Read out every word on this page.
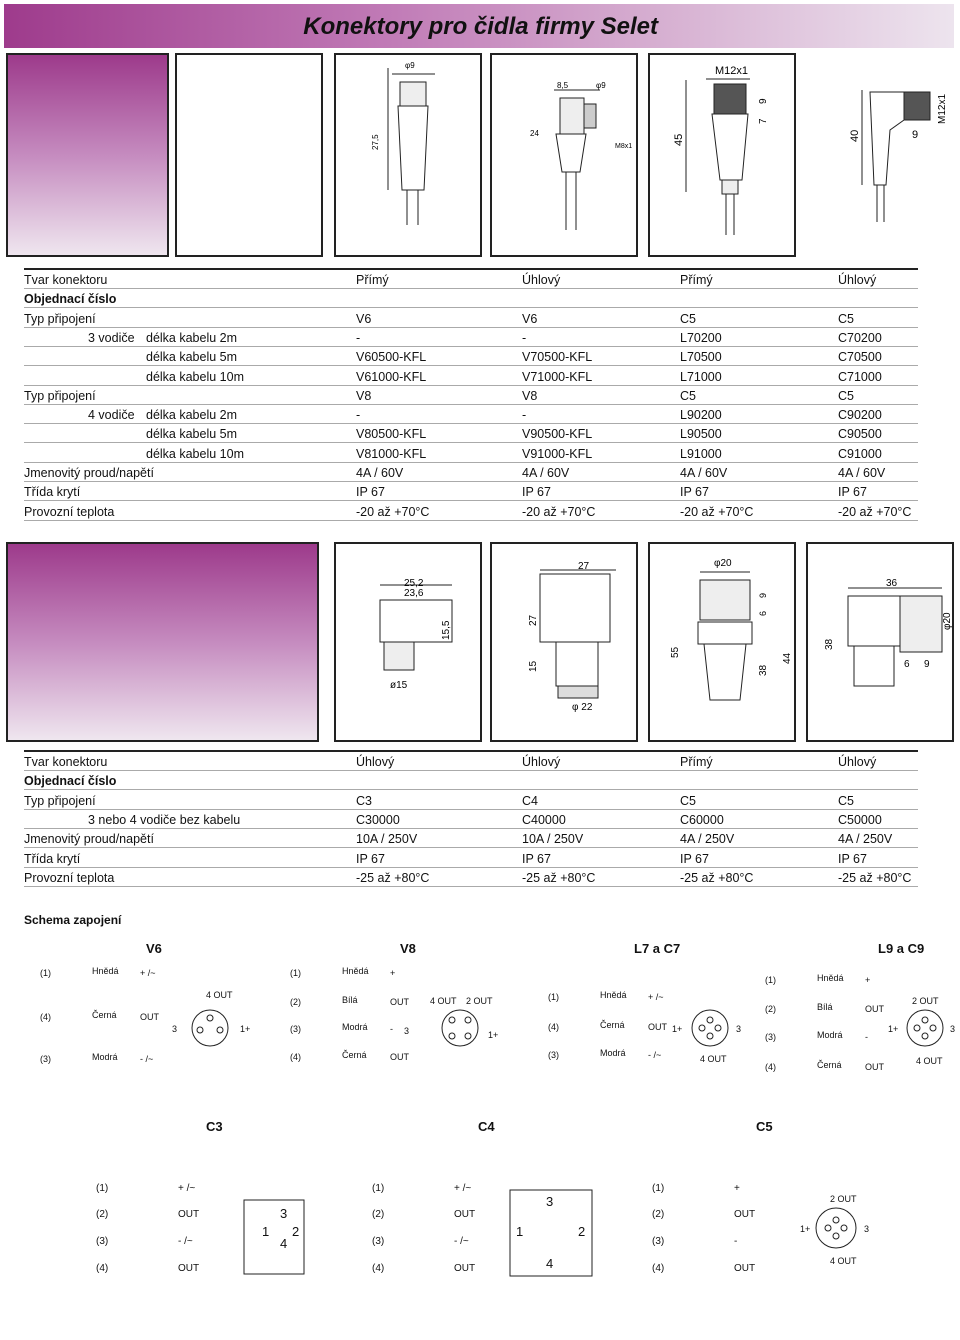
Konektory pro čidla firmy Selet
27,5
φ9
8,5	φ9
24
M8x1
M12x1
45
7
9
40	9
M12x1
Tvar konektoru	Přímý	Úhlový	Přímý	Úhlový
Objednací číslo
Typ připojení	V6	V6	C5	C5
3 vodiče délka kabelu 2m	-	-	L70200	C70200
délka kabelu 5m	V60500-KFL	V70500-KFL	L70500	C70500
délka kabelu 10m	V61000-KFL	V71000-KFL	L71000	C71000
Typ připojení	V8	V8	C5	C5
4 vodiče délka kabelu 2m	-	-	L90200	C90200
délka kabelu 5m	V80500-KFL	V90500-KFL	L90500	C90500
délka kabelu 10m	V81000-KFL	V91000-KFL	L91000	C91000
Jmenovitý proud/napětí	4A / 60V	4A / 60V	4A / 60V	4A / 60V
Třída krytí	IP 67	IP 67	IP 67	IP 67
Provozní teplota	-20 až +70°C	-20 až +70°C	-20 až +70°C	-20 až +70°C
25,2
23,6
15,5
ø15
27
27
15
φ 22
φ20
9
6
55
38
44
36
φ20
38
6 9
Tvar konektoru	Úhlový	Úhlový	Přímý	Úhlový
Objednací číslo
Typ připojení	C3	C4	C5	C5
3 nebo 4 vodiče bez kabelu	C30000	C40000	C60000	C50000
Jmenovitý proud/napětí	10A / 250V	10A / 250V	4A / 250V	4A / 250V
Třída krytí	IP 67	IP 67	IP 67	IP 67
Provozní teplota	-25 až +80°C	-25 až +80°C	-25 až +80°C	-25 až +80°C
Schema zapojení
V6	V8	L7 a C7	L9 a C9
(1)	Hnědá + /~
(4)	Černá	OUT
(3)	Modrá - /~
(1)	Hnědá +
(2)	Bílá	OUT
(3)	Modrá -
(4)	Černá	OUT
(1)	Hnědá + /~
(4)	Černá	OUT
(3)	Modrá - /~
(1)	Hnědá +
(2)	Bílá	OUT
(3)	Modrá -
(4)	Černá	OUT
4 OUT
3	1+
4 OUT 2 OUT
3	1+
1+	3
4 OUT
2 OUT
1+	3
4 OUT
(1)	+ /~
(2)	OUT
(3)	- /~
(4)	OUT
(1)	+ /~
(2)	OUT
(3)	- /~
(4)	OUT
(1)	+
(2)	OUT
(3)	-
(4)	OUT
3
1 2
4
3
1	2
4
2 OUT
1+	3
4 OUT
C3	C4	C5
